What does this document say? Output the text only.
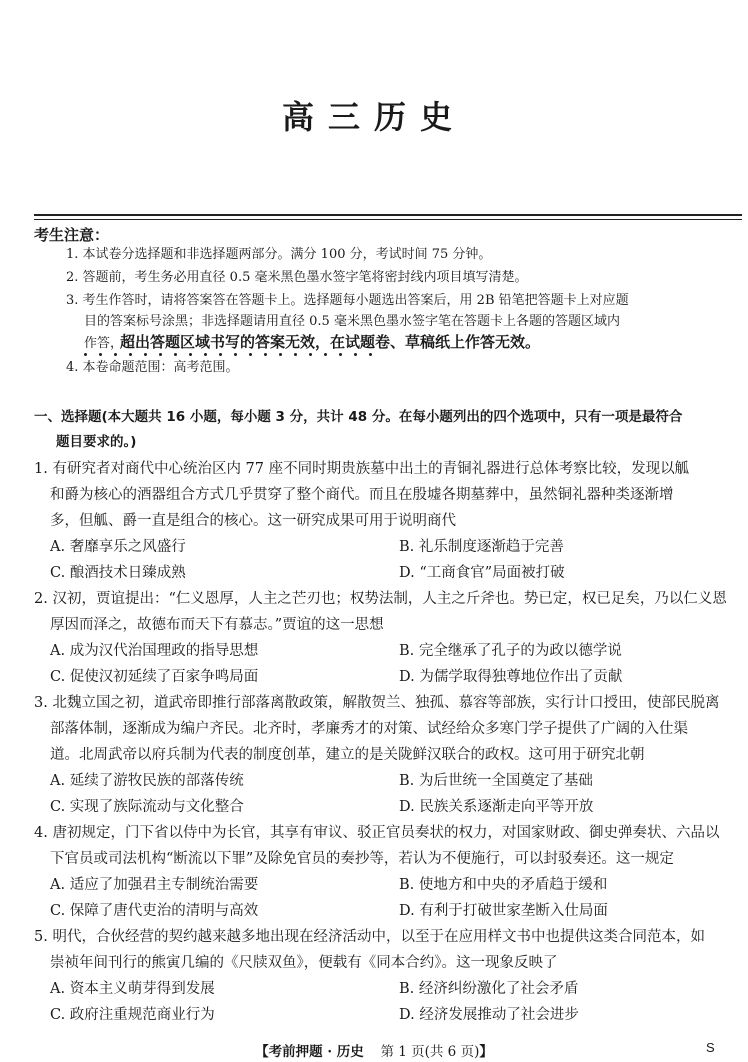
高三历史
考生注意：
1. 本试卷分选择题和非选择题两部分。满分 100 分，考试时间 75 分钟。
2. 答题前，考生务必用直径 0.5 毫米黑色墨水签字笔将密封线内项目填写清楚。
3. 考生作答时，请将答案答在答题卡上。选择题每小题选出答案后，用 2B 铅笔把答题卡上对应题
目的答案标号涂黑；非选择题请用直径 0.5 毫米黑色墨水签字笔在答题卡上各题的答题区域内
作答，
超出答题区域书写的答案无效，在试题卷、草稿纸上作答无效。
4. 本卷命题范围：高考范围。
一、选择题(本大题共 16 小题，每小题 3 分，共计 48 分。在每小题列出的四个选项中，只有一项是最符合
题目要求的。)
1. 有研究者对商代中心统治区内 77 座不同时期贵族墓中出土的青铜礼器进行总体考察比较，发现以觚
和爵为核心的酒器组合方式几乎贯穿了整个商代。而且在殷墟各期墓葬中，虽然铜礼器种类逐渐增
多，但觚、爵一直是组合的核心。这一研究成果可用于说明商代
A. 奢靡享乐之风盛行	B. 礼乐制度逐渐趋于完善
C. 酿酒技术日臻成熟	D. “工商食官”局面被打破
2. 汉初，贾谊提出：“仁义恩厚，人主之芒刃也；权势法制，人主之斤斧也。势已定，权已足矣，乃以仁义恩
厚因而泽之，故德布而天下有慕志。”贾谊的这一思想
A. 成为汉代治国理政的指导思想	B. 完全继承了孔子的为政以德学说
C. 促使汉初延续了百家争鸣局面	D. 为儒学取得独尊地位作出了贡献
3. 北魏立国之初，道武帝即推行部落离散政策，解散贺兰、独孤、慕容等部族，实行计口授田，使部民脱离
部落体制，逐渐成为编户齐民。北齐时，孝廉秀才的对策、试经给众多寒门学子提供了广阔的入仕渠
道。北周武帝以府兵制为代表的制度创革，建立的是关陇鲜汉联合的政权。这可用于研究北朝
A. 延续了游牧民族的部落传统	B. 为后世统一全国奠定了基础
C. 实现了族际流动与文化整合	D. 民族关系逐渐走向平等开放
4. 唐初规定，门下省以侍中为长官，其享有审议、驳正官员奏状的权力，对国家财政、御史弹奏状、六品以
下官员或司法机构“断流以下罪”及除免官员的奏抄等，若认为不便施行，可以封驳奏还。这一规定
A. 适应了加强君主专制统治需要	B. 使地方和中央的矛盾趋于缓和
C. 保障了唐代吏治的清明与高效	D. 有利于打破世家垄断入仕局面
5. 明代，合伙经营的契约越来越多地出现在经济活动中，以至于在应用样文书中也提供这类合同范本，如
崇祯年间刊行的熊寅几编的《尺牍双鱼》，便载有《同本合约》。这一现象反映了
A. 资本主义萌芽得到发展	B. 经济纠纷激化了社会矛盾
C. 政府注重规范商业行为	D. 经济发展推动了社会进步
【考前押题 · 历史 第 1 页(共 6 页)】	S
